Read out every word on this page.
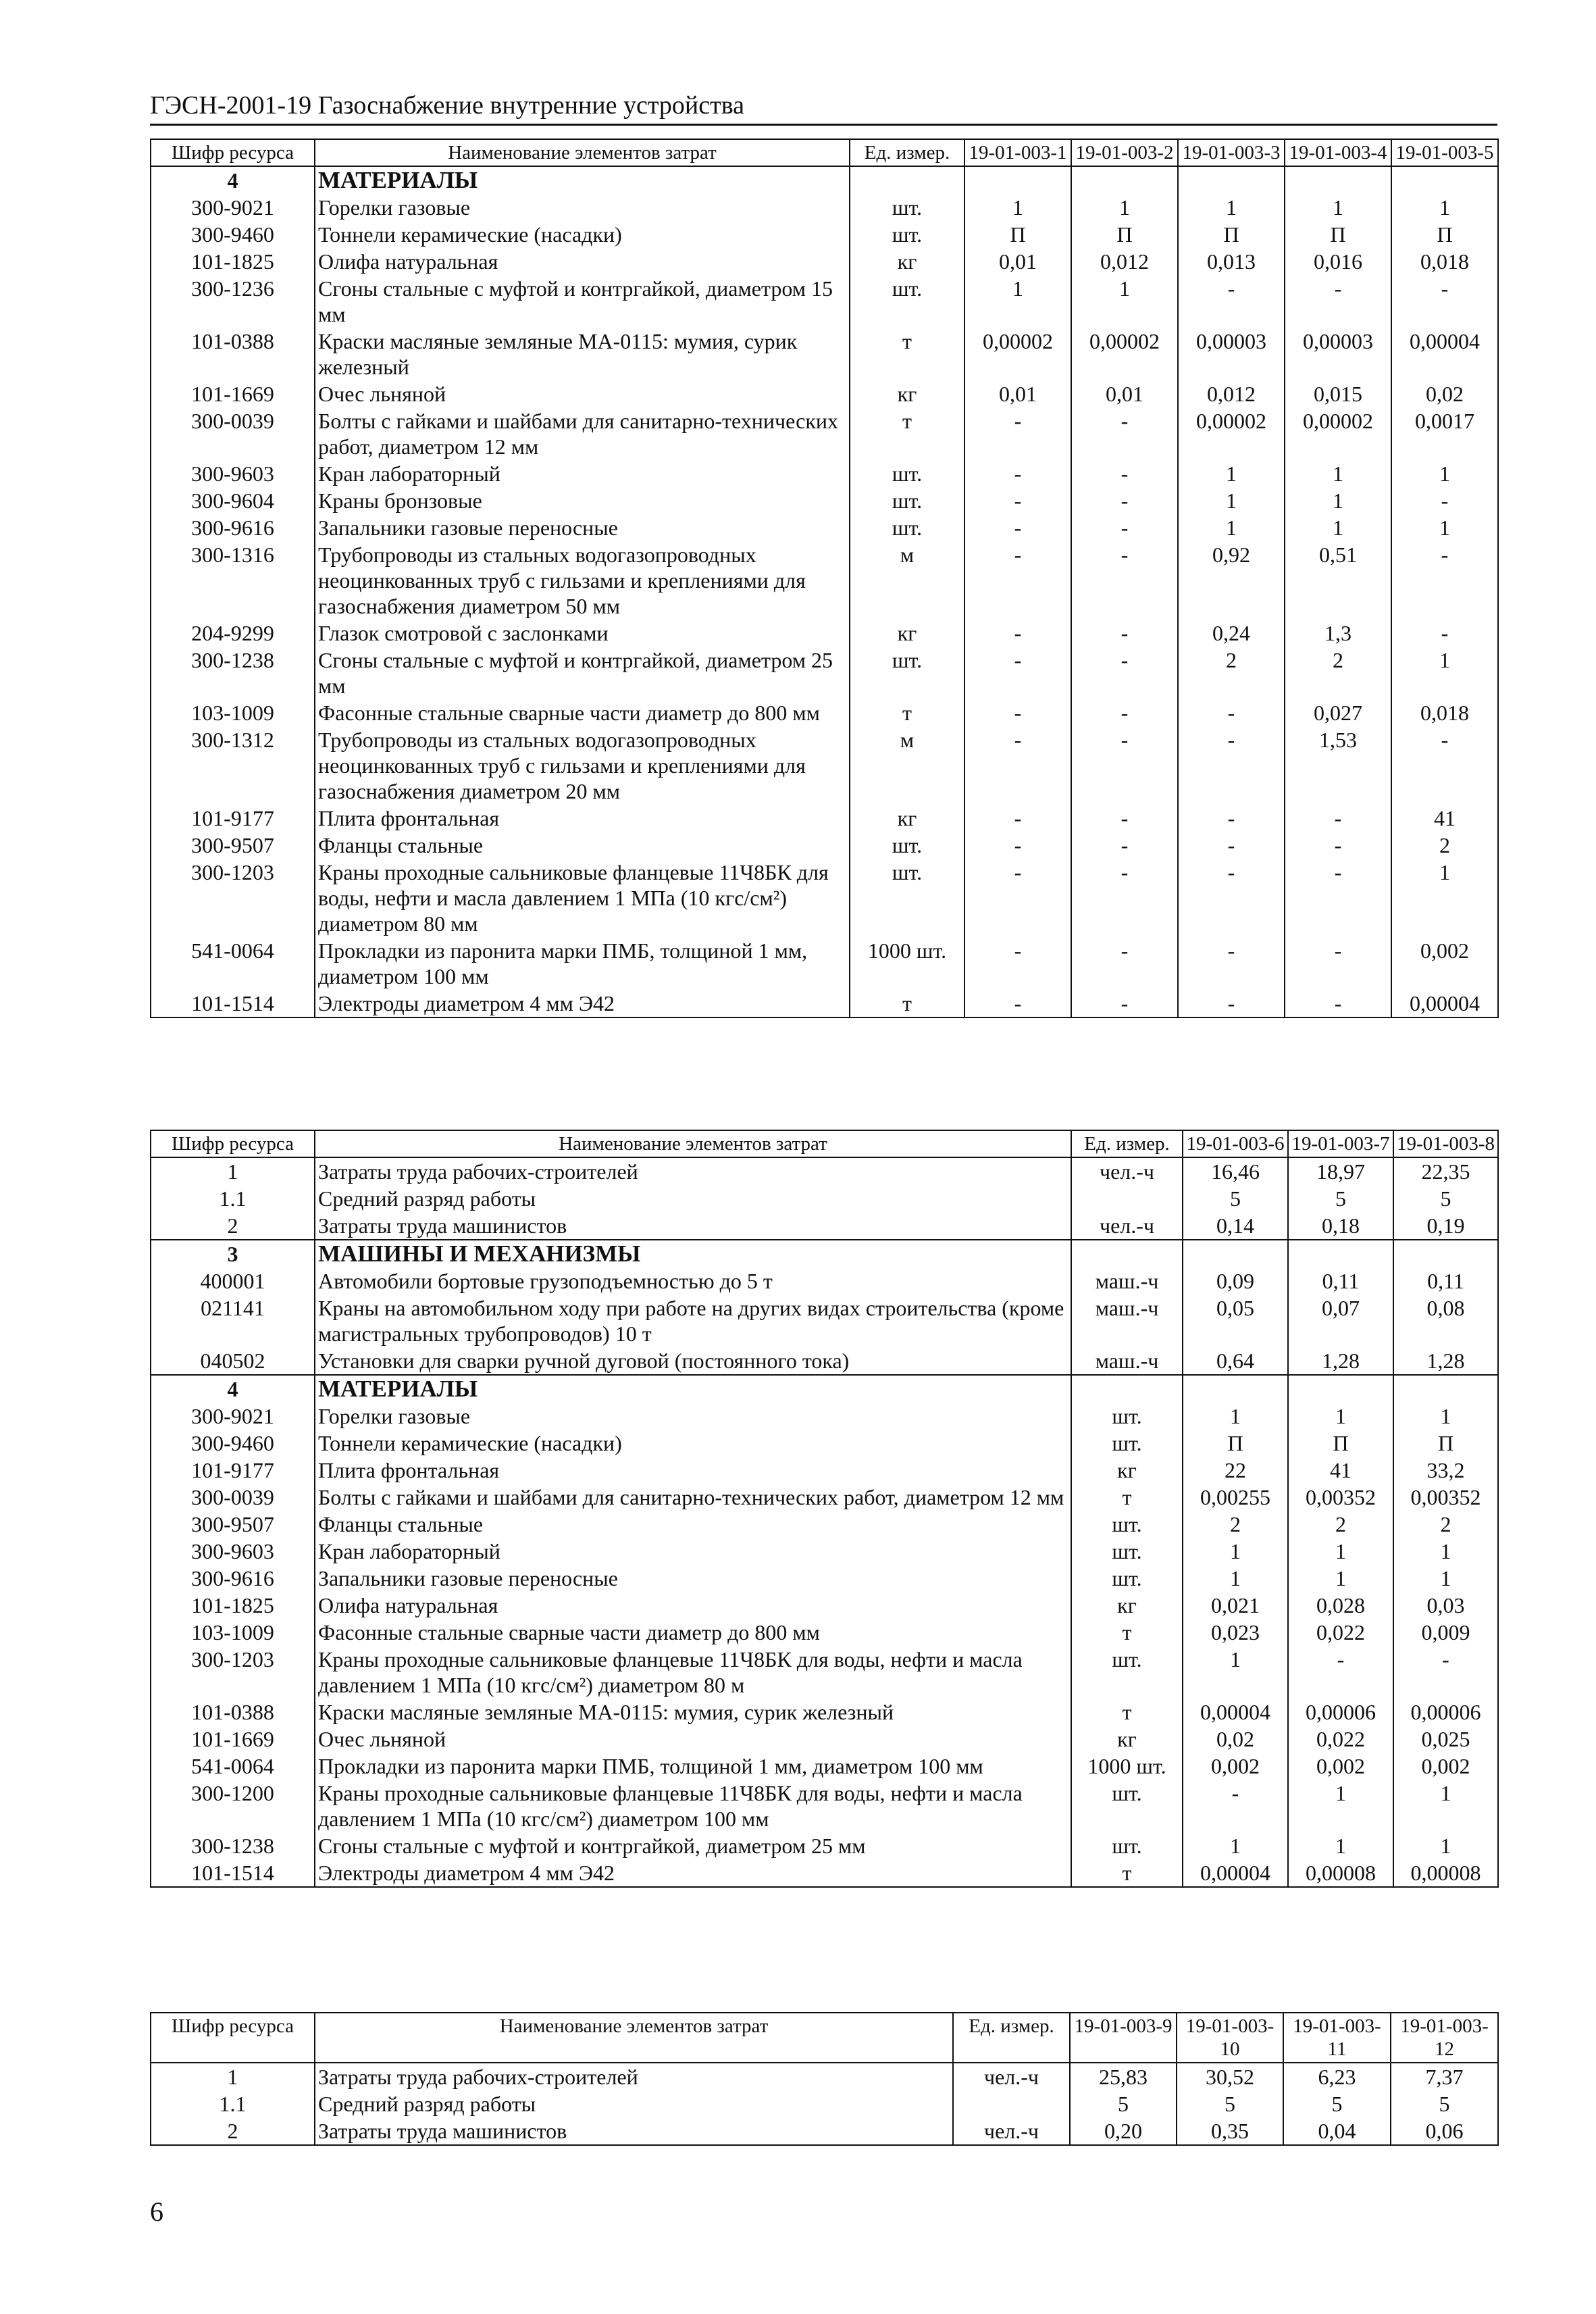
ГЭСН-2001-19 Газоснабжение внутренние устройства
Шифр ресурса	Наименование элементов затрат	Ед. измер.	19-01-003-1	19-01-003-2	19-01-003-3	19-01-003-4	19-01-003-5
4	МАТЕРИАЛЫ						
300-9021	Горелки газовые	шт.	1	1	1	1	1
300-9460	Тоннели керамические (насадки)	шт.	П	П	П	П	П
101-1825	Олифа натуральная	кг	0,01	0,012	0,013	0,016	0,018
300-1236	Сгоны стальные с муфтой и контргайкой, диаметром 15 мм	шт.	1	1	-	-	-
101-0388	Краски масляные земляные МА-0115: мумия, сурик железный	т	0,00002	0,00002	0,00003	0,00003	0,00004
101-1669	Очес льняной	кг	0,01	0,01	0,012	0,015	0,02
300-0039	Болты с гайками и шайбами для санитарно-технических работ, диаметром 12 мм	т	-	-	0,00002	0,00002	0,0017
300-9603	Кран лабораторный	шт.	-	-	1	1	1
300-9604	Краны бронзовые	шт.	-	-	1	1	-
300-9616	Запальники газовые переносные	шт.	-	-	1	1	1
300-1316	Трубопроводы из стальных водогазопроводных неоцинкованных труб с гильзами и креплениями для газоснабжения диаметром 50 мм	м	-	-	0,92	0,51	-
204-9299	Глазок смотровой с заслонками	кг	-	-	0,24	1,3	-
300-1238	Сгоны стальные с муфтой и контргайкой, диаметром 25 мм	шт.	-	-	2	2	1
103-1009	Фасонные стальные сварные части диаметр до 800 мм	т	-	-	-	0,027	0,018
300-1312	Трубопроводы из стальных водогазопроводных неоцинкованных труб с гильзами и креплениями для газоснабжения диаметром 20 мм	м	-	-	-	1,53	-
101-9177	Плита фронтальная	кг	-	-	-	-	41
300-9507	Фланцы стальные	шт.	-	-	-	-	2
300-1203	Краны проходные сальниковые фланцевые 11Ч8БК для воды, нефти и масла давлением 1 МПа (10 кгс/см²) диаметром 80 мм	шт.	-	-	-	-	1
541-0064	Прокладки из паронита марки ПМБ, толщиной 1 мм, диаметром 100 мм	1000 шт.	-	-	-	-	0,002
101-1514	Электроды диаметром 4 мм Э42	т	-	-	-	-	0,00004
Шифр ресурса	Наименование элементов затрат	Ед. измер.	19-01-003-6	19-01-003-7	19-01-003-8
1	Затраты труда рабочих-строителей	чел.-ч	16,46	18,97	22,35
1.1	Средний разряд работы		5	5	5
2	Затраты труда машинистов	чел.-ч	0,14	0,18	0,19
3	МАШИНЫ И МЕХАНИЗМЫ				
400001	Автомобили бортовые грузоподъемностью до 5 т	маш.-ч	0,09	0,11	0,11
021141	Краны на автомобильном ходу при работе на других видах строительства (кроме магистральных трубопроводов) 10 т	маш.-ч	0,05	0,07	0,08
040502	Установки для сварки ручной дуговой (постоянного тока)	маш.-ч	0,64	1,28	1,28
4	МАТЕРИАЛЫ				
300-9021	Горелки газовые	шт.	1	1	1
300-9460	Тоннели керамические (насадки)	шт.	П	П	П
101-9177	Плита фронтальная	кг	22	41	33,2
300-0039	Болты с гайками и шайбами для санитарно-технических работ, диаметром 12 мм	т	0,00255	0,00352	0,00352
300-9507	Фланцы стальные	шт.	2	2	2
300-9603	Кран лабораторный	шт.	1	1	1
300-9616	Запальники газовые переносные	шт.	1	1	1
101-1825	Олифа натуральная	кг	0,021	0,028	0,03
103-1009	Фасонные стальные сварные части диаметр до 800 мм	т	0,023	0,022	0,009
300-1203	Краны проходные сальниковые фланцевые 11Ч8БК для воды, нефти и масла давлением 1 МПа (10 кгс/см²) диаметром 80 м	шт.	1	-	-
101-0388	Краски масляные земляные МА-0115: мумия, сурик железный	т	0,00004	0,00006	0,00006
101-1669	Очес льняной	кг	0,02	0,022	0,025
541-0064	Прокладки из паронита марки ПМБ, толщиной 1 мм, диаметром 100 мм	1000 шт.	0,002	0,002	0,002
300-1200	Краны проходные сальниковые фланцевые 11Ч8БК для воды, нефти и масла давлением 1 МПа (10 кгс/см²) диаметром 100 мм	шт.	-	1	1
300-1238	Сгоны стальные с муфтой и контргайкой, диаметром 25 мм	шт.	1	1	1
101-1514	Электроды диаметром 4 мм Э42	т	0,00004	0,00008	0,00008
Шифр ресурса	Наименование элементов затрат	Ед. измер.	19-01-003-9	19-01-003-10	19-01-003-11	19-01-003-12
1	Затраты труда рабочих-строителей	чел.-ч	25,83	30,52	6,23	7,37
1.1	Средний разряд работы		5	5	5	5
2	Затраты труда машинистов	чел.-ч	0,20	0,35	0,04	0,06
6
